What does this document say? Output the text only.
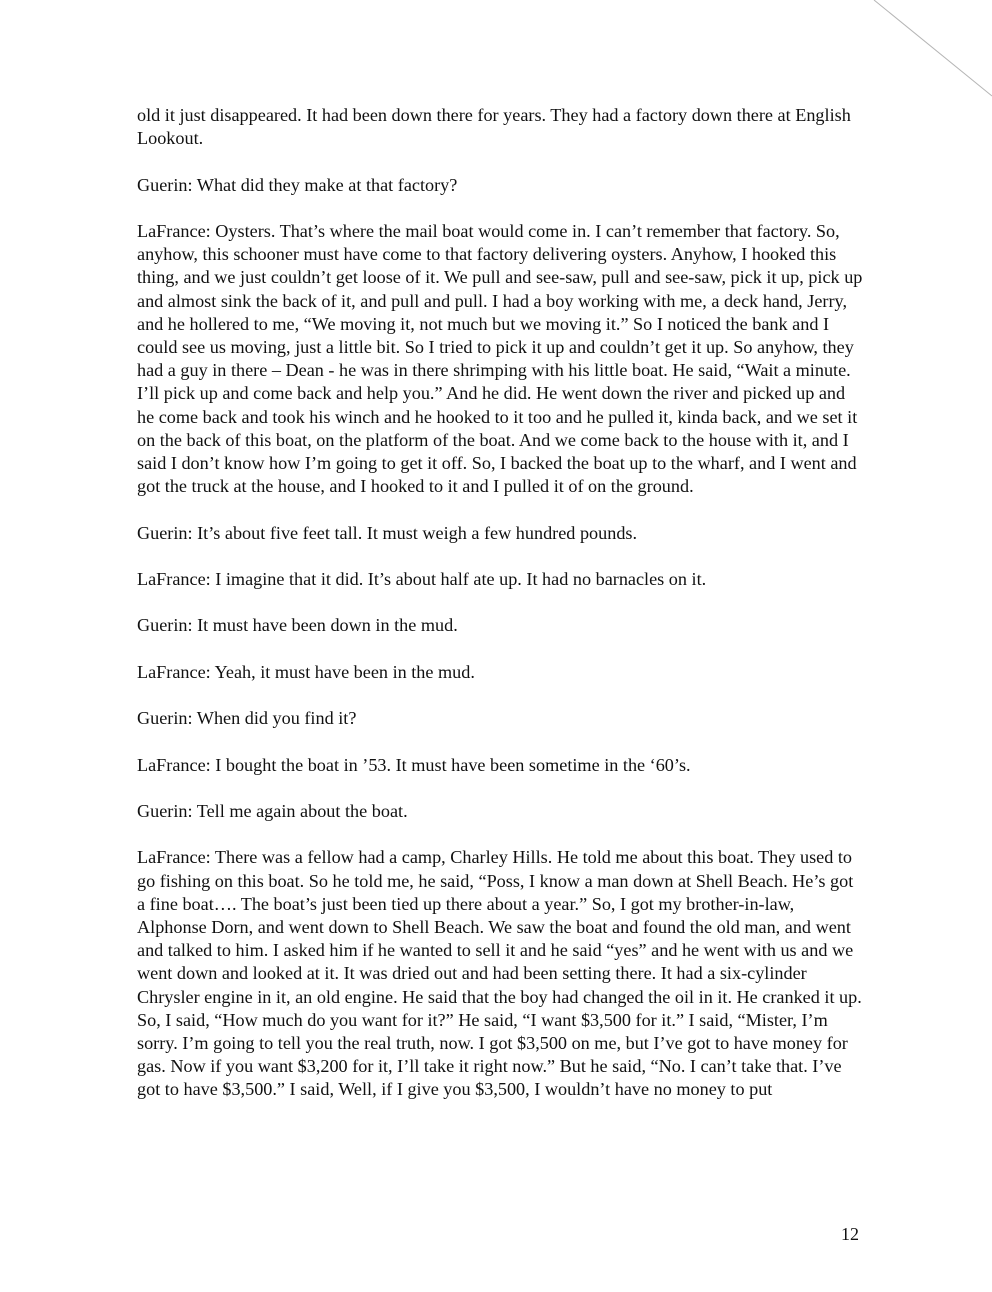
old it just disappeared. It had been down there for years. They had a factory down there at English Lookout.

Guerin: What did they make at that factory?

LaFrance: Oysters. That’s where the mail boat would come in. I can’t remember that factory. So, anyhow, this schooner must have come to that factory delivering oysters. Anyhow, I hooked this thing, and we just couldn’t get loose of it. We pull and see-saw, pull and see-saw, pick it up, pick up and almost sink the back of it, and pull and pull. I had a boy working with me, a deck hand, Jerry, and he hollered to me, “We moving it, not much but we moving it.” So I noticed the bank and I could see us moving, just a little bit. So I tried to pick it up and couldn’t get it up. So anyhow, they had a guy in there – Dean - he was in there shrimping with his little boat. He said, “Wait a minute. I’ll pick up and come back and help you.” And he did. He went down the river and picked up and he come back and took his winch and he hooked to it too and he pulled it, kinda back, and we set it on the back of this boat, on the platform of the boat. And we come back to the house with it, and I said I don’t know how I’m going to get it off. So, I backed the boat up to the wharf, and I went and got the truck at the house, and I hooked to it and I pulled it of on the ground.

Guerin: It’s about five feet tall. It must weigh a few hundred pounds.

LaFrance: I imagine that it did. It’s about half ate up. It had no barnacles on it.

Guerin: It must have been down in the mud.

LaFrance: Yeah, it must have been in the mud.

Guerin: When did you find it?

LaFrance: I bought the boat in ’53. It must have been sometime in the ‘60’s.

Guerin: Tell me again about the boat.

LaFrance: There was a fellow had a camp, Charley Hills. He told me about this boat. They used to go fishing on this boat. So he told me, he said, “Poss, I know a man down at Shell Beach. He’s got a fine boat…. The boat’s just been tied up there about a year.” So, I got my brother-in-law, Alphonse Dorn, and went down to Shell Beach. We saw the boat and found the old man, and went and talked to him. I asked him if he wanted to sell it and he said “yes” and he went with us and we went down and looked at it. It was dried out and had been setting there. It had a six-cylinder Chrysler engine in it, an old engine. He said that the boy had changed the oil in it. He cranked it up. So, I said, “How much do you want for it?” He said, “I want $3,500 for it.” I said, “Mister, I’m sorry. I’m going to tell you the real truth, now. I got $3,500 on me, but I’ve got to have money for gas. Now if you want $3,200 for it, I’ll take it right now.” But he said, “No. I can’t take that. I’ve got to have $3,500.” I said, Well, if I give you $3,500, I wouldn’t have no money to put

12
